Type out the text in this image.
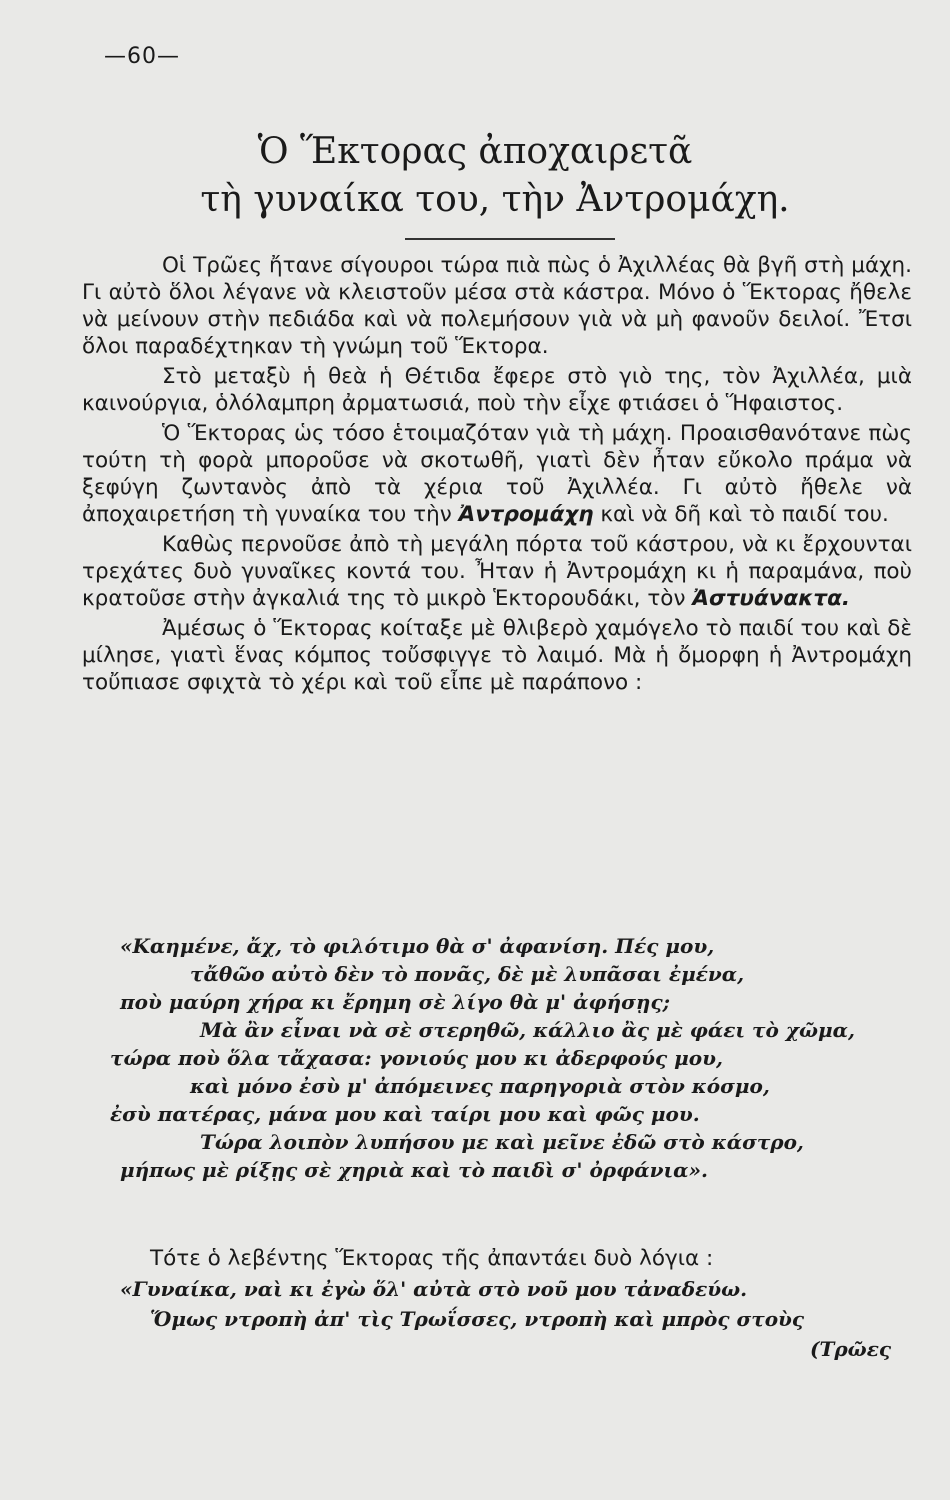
—60—
Ὁ Ἕκτορας ἀποχαιρετᾶ

τὴ γυναίκα του, τὴν Ἀντρομάχη.

Οἱ Τρῶες ἤτανε σίγουροι τώρα πιὰ πὼς ὁ Ἀχιλλέας θὰ βγῆ στὴ μάχη. Γι αὐτὸ ὅλοι λέγανε νὰ κλειστοῦν μέσα στὰ κάστρα. Μόνο ὁ Ἕκτορας ἤθελε νὰ μείνουν στὴν πεδιάδα καὶ νὰ πολεμήσουν γιὰ νὰ μὴ φανοῦν δειλοί. Ἔτσι ὅλοι παραδέχτηκαν τὴ γνώμη τοῦ Ἕκτορα.

Στὸ μεταξὺ ἡ θεὰ ἡ Θέτιδα ἔφερε στὸ γιὸ της, τὸν Ἀχιλλέα, μιὰ καινούργια, ὁλόλαμπρη ἀρματωσιά, ποὺ τὴν εἶχε φτιάσει ὁ Ἥφαιστος.

Ὁ Ἕκτορας ὡς τόσο ἑτοιμαζόταν γιὰ τὴ μάχη. Προαισθανότανε πὼς τούτη τὴ φορὰ μποροῦσε νὰ σκοτωθῆ, γιατὶ δὲν ἦταν εὔκολο πράμα νὰ ξεφύγη ζωντανὸς ἀπὸ τὰ χέρια τοῦ Ἀχιλλέα. Γι αὐτὸ ἤθελε νὰ ἀποχαιρετήση τὴ γυναίκα του τὴν Ἀντρομάχη καὶ νὰ δῆ καὶ τὸ παιδί του.

Καθὼς περνοῦσε ἀπὸ τὴ μεγάλη πόρτα τοῦ κάστρου, νὰ κι ἔρχουνται τρεχάτες δυὸ γυναῖκες κοντά του. Ἦταν ἡ Ἀντρομάχη κι ἡ παραμάνα, ποὺ κρατοῦσε στὴν ἀγκαλιά της τὸ μικρὸ Ἑκτορουδάκι, τὸν Ἀστυάνακτα.

Ἀμέσως ὁ Ἕκτορας κοίταξε μὲ θλιβερὸ χαμόγελο τὸ παιδί του καὶ δὲ μίλησε, γιατὶ ἕνας κόμπος τοὔσφιγγε τὸ λαιμό. Μὰ ἡ ὄμορφη ἡ Ἀντρομάχη τοὔπιασε σφιχτὰ τὸ χέρι καὶ τοῦ εἶπε μὲ παράπονο :

«Καημένε, ἄχ, τὸ φιλότιμο θὰ σ' ἀφανίση. Πές μου,
τἄθῶο αὐτὸ δὲν τὸ πονᾶς, δὲ μὲ λυπᾶσαι ἐμένα,
ποὺ μαύρη χήρα κι ἔρημη σὲ λίγο θὰ μ' ἀφήσῃς;
Μὰ ἂν εἶναι νὰ σὲ στερηθῶ, κάλλιο ἂς μὲ φάει τὸ χῶμα,
τώρα ποὺ ὅλα τἄχασα: γονιούς μου κι ἀδερφούς μου,
καὶ μόνο ἐσὺ μ' ἀπόμεινες παρηγοριὰ στὸν κόσμο,
ἐσὺ πατέρας, μάνα μου καὶ ταίρι μου καὶ φῶς μου.
Τώρα λοιπὸν λυπήσου με καὶ μεῖνε ἐδῶ στὸ κάστρο,
μήπως μὲ ρίξῃς σὲ χηριὰ καὶ τὸ παιδὶ σ' ὀρφάνια».
Τότε ὁ λεβέντης Ἕκτορας τῆς ἀπαντάει δυὸ λόγια :
«Γυναίκα, ναὶ κι ἐγὼ ὅλ' αὐτὰ στὸ νοῦ μου τἀναδεύω.
Ὅμως ντροπὴ ἀπ' τὶς Τρωΐσσες, ντροπὴ καὶ μπρὸς στοὺς
(Τρῶες
